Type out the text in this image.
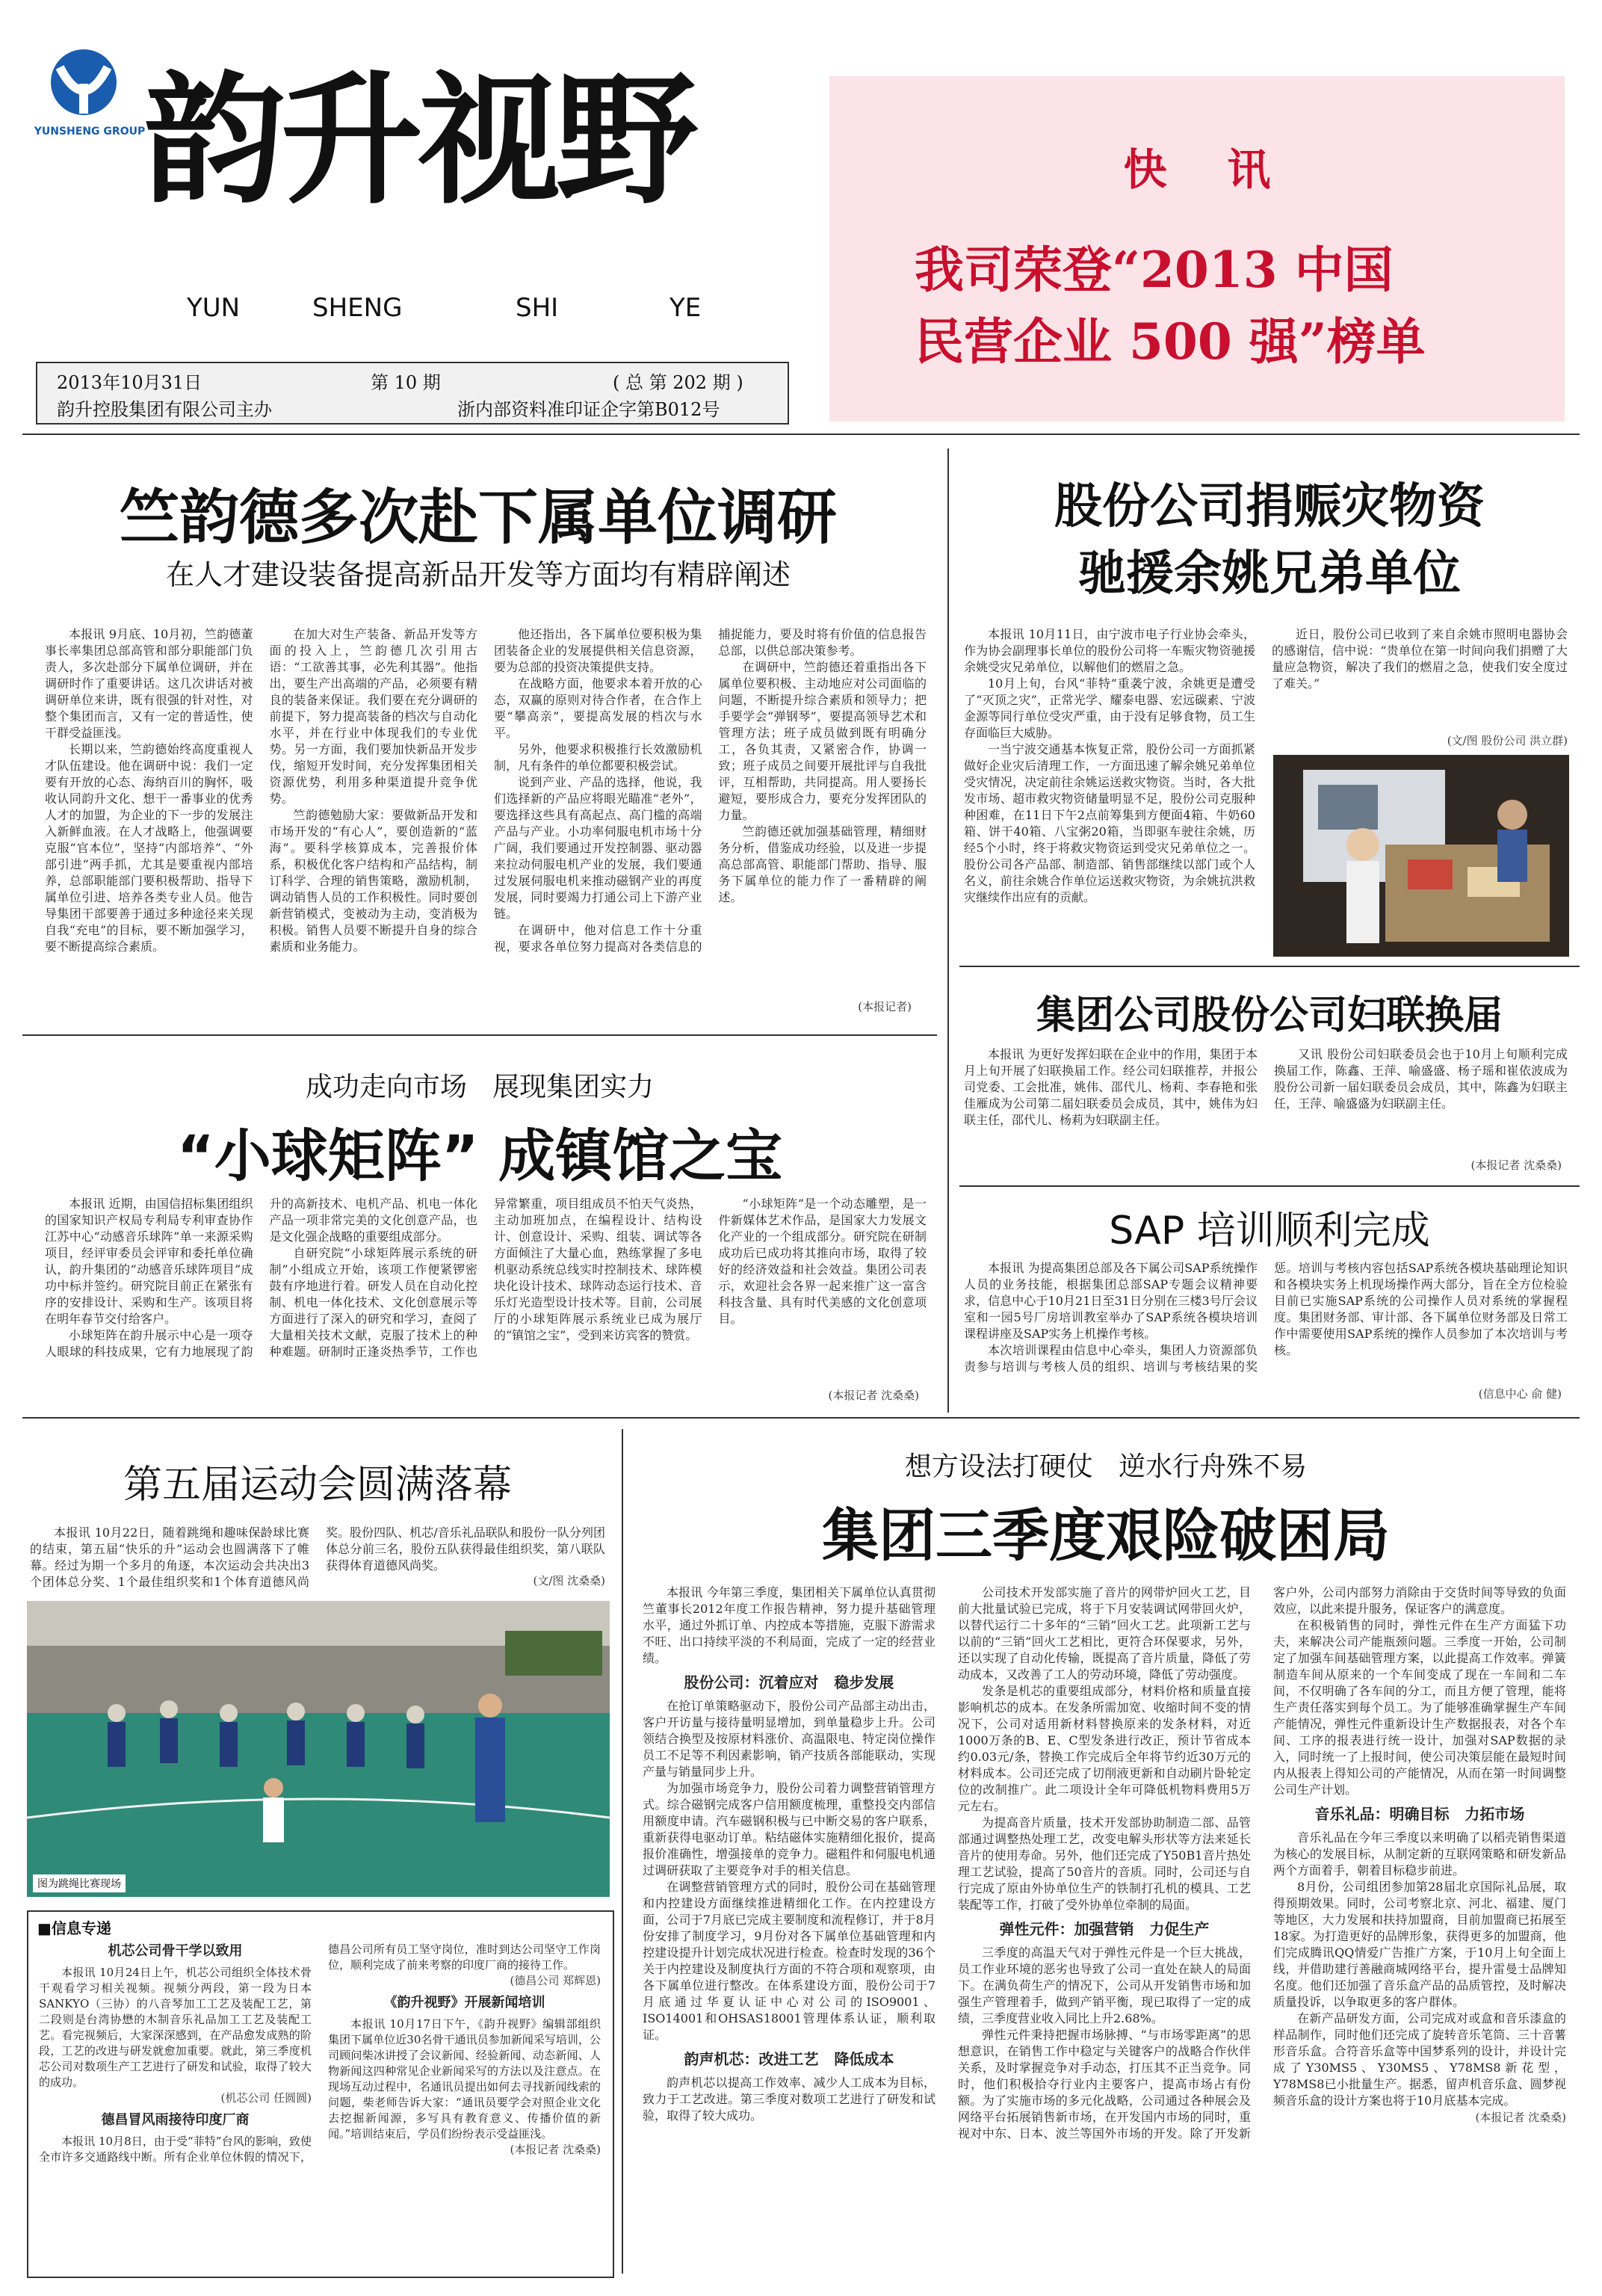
YUNSHENG GROUP
韵升视野
YUN	SHENG	SHI	YE
2013年10月31日	第 10 期	( 总 第 202 期 )
韵升控股集团有限公司主办	浙内部资料准印证企字第B012号
快    讯
我司荣登“2013 中国
民营企业 500 强”榜单
竺韵德多次赴下属单位调研
在人才建设装备提高新品开发等方面均有精辟阐述

本报讯 9月底、10月初，竺韵德董事长率集团总部高管和部分职能部门负责人，多次赴部分下属单位调研，并在调研时作了重要讲话。这几次讲话对被调研单位来讲，既有很强的针对性，对整个集团而言，又有一定的普适性，使干群受益匪浅。

长期以来，竺韵德始终高度重视人才队伍建设。他在调研中说：我们一定要有开放的心态、海纳百川的胸怀，吸收认同韵升文化、想干一番事业的优秀人才的加盟，为企业的下一步的发展注入新鲜血液。在人才战略上，他强调要克服“官本位”，坚持“内部培养”、“外部引进”两手抓，尤其是要重视内部培养，总部职能部门要积极帮助、指导下属单位引进、培养各类专业人员。他告导集团干部要善于通过多种途径来关现自我“充电”的目标，要不断加强学习，要不断提高综合素质。

在加大对生产装备、新品开发等方面的投入上，竺韵德几次引用古语：“工欲善其事，必先利其器”。他指出，要生产出高端的产品，必须要有精良的装备来保证。我们要在充分调研的前提下，努力提高装备的档次与自动化水平，并在行业中体现我们的专业优势。另一方面，我们要加快新品开发步伐，缩短开发时间，充分发挥集团相关资源优势，利用多种渠道提升竞争优势。

竺韵德勉励大家：要做新品开发和市场开发的“有心人”，要创造新的“蓝海”。要科学核算成本，完善报价体系，积极优化客户结构和产品结构，制订科学、合理的销售策略，激励机制，调动销售人员的工作积极性。同时要创新营销模式，变被动为主动，变消极为积极。销售人员要不断提升自身的综合素质和业务能力。

他还指出，各下属单位要积极为集团装备企业的发展提供相关信息资源，要为总部的投资决策提供支持。

在战略方面，他要求本着开放的心态，双赢的原则对待合作者，在合作上要“攀高亲”，要提高发展的档次与水平。

另外，他要求积极推行长效激励机制，凡有条件的单位都要积极尝试。

说到产业、产品的选择，他说，我们选择新的产品应将眼光瞄准“老外”，要选择这些具有高起点、高门槛的高端产品与产业。小功率伺服电机市场十分广阔，我们要通过开发控制器、驱动器来拉动伺服电机产业的发展，我们要通过发展伺服电机来推动磁钢产业的再度发展，同时要竭力打通公司上下游产业链。

在调研中，他对信息工作十分重视，要求各单位努力提高对各类信息的捕捉能力，要及时将有价值的信息报告总部，以供总部决策参考。

在调研中，竺韵德还着重指出各下属单位要积极、主动地应对公司面临的问题，不断提升综合素质和领导力；把手要学会“弹钢琴”，要提高领导艺术和管理方法；班子成员做到既有明确分工，各负其责，又紧密合作，协调一致；班子成员之间要开展批评与自我批评，互相帮助，共同提高。用人要扬长避短，要形成合力，要充分发挥团队的力量。

竺韵德还就加强基础管理，精细财务分析，借鉴成功经验，以及进一步提高总部高管、职能部门帮助、指导、服务下属单位的能力作了一番精辟的阐述。

(本报记者)
股份公司捐赈灾物资
驰援余姚兄弟单位

本报讯 10月11日，由宁波市电子行业协会牵头，作为协会副理事长单位的股份公司将一车赈灾物资驰援余姚受灾兄弟单位，以解他们的燃眉之急。

10月上旬，台风“菲特”重袭宁波，余姚更是遭受了“灭顶之灾”，正常光学、耀泰电器、宏远碳素、宁波金源等同行单位受灾严重，由于没有足够食物，员工生存面临巨大威胁。

一当宁波交通基本恢复正常，股份公司一方面抓紧做好企业灾后清理工作，一方面迅速了解余姚兄弟单位受灾情况，决定前往余姚运送救灾物资。当时，各大批发市场、超市救灾物资储量明显不足，股份公司克服种种困难，在11日下午2点前筹集到方便面4箱、牛奶60箱、饼干40箱、八宝粥20箱，当即驱车驶往余姚，历经5个小时，终于将救灾物资运到受灾兄弟单位之一。股份公司各产品部、制造部、销售部继续以部门或个人名义，前往余姚合作单位运送救灾物资，为余姚抗洪救灾继续作出应有的贡献。

近日，股份公司已收到了来自余姚市照明电器协会的感谢信，信中说：“贵单位在第一时间向我们捐赠了大量应急物资，解决了我们的燃眉之急，使我们安全度过了难关。”

(文/图 股份公司 洪立群)
成功走向市场   展现集团实力
“小球矩阵” 成镇馆之宝

本报讯 近期，由国信招标集团组织的国家知识产权局专利局专利审查协作江苏中心“动感音乐球阵”单一来源采购项目，经评审委员会评审和委托单位确认，韵升集团的“动感音乐球阵项目”成功中标并签约。研究院目前正在紧张有序的安排设计、采购和生产。该项目将在明年春节交付给客户。

小球矩阵在韵升展示中心是一项夺人眼球的科技成果，它有力地展现了韵升的高新技术、电机产品、机电一体化产品一项非常完美的文化创意产品，也是文化强企战略的重要组成部分。

自研究院“小球矩阵展示系统的研制”小组成立开始，该项工作便紧锣密鼓有序地进行着。研发人员在自动化控制、机电一体化技术、文化创意展示等方面进行了深入的研究和学习，查阅了大量相关技术文献，克服了技术上的种种难题。研制时正逢炎热季节，工作也异常繁重，项目组成员不怕天气炎热，主动加班加点，在编程设计、结构设计、创意设计、采购、组装、调试等各方面倾注了大量心血，熟练掌握了多电机驱动系统总线实时控制技术、球阵模块化设计技术、球阵动态运行技术、音乐灯光造型设计技术等。目前，公司展厅的小球矩阵展示系统业已成为展厅的“镇馆之宝”，受到来访宾客的赞赏。

“小球矩阵”是一个动态雕塑，是一件新媒体艺术作品，是国家大力发展文化产业的一个组成部分。研究院在研制成功后已成功将其推向市场，取得了较好的经济效益和社会效益。集团公司表示，欢迎社会各界一起来推广这一富含科技含量、具有时代美感的文化创意项目。

(本报记者 沈桑桑)
集团公司股份公司妇联换届

本报讯 为更好发挥妇联在企业中的作用，集团于本月上旬开展了妇联换届工作。经公司妇联推荐，并报公司党委、工会批准，姚伟、邵代儿、杨莉、李春艳和张佳雁成为公司第二届妇联委员会成员，其中，姚伟为妇联主任，邵代儿、杨莉为妇联副主任。

又讯 股份公司妇联委员会也于10月上旬顺利完成换届工作，陈鑫、王萍、喻盛盛、杨子瑶和崔依波成为股份公司新一届妇联委员会成员，其中，陈鑫为妇联主任，王萍、喻盛盛为妇联副主任。

(本报记者 沈桑桑)
SAP 培训顺利完成

本报讯 为提高集团总部及各下属公司SAP系统操作人员的业务技能，根据集团总部SAP专题会议精神要求，信息中心于10月21日至31日分别在三楼3号厅会议室和一园5号厂房培训教室举办了SAP系统各模块培训课程讲座及SAP实务上机操作考核。

本次培训课程由信息中心牵头，集团人力资源部负责参与培训与考核人员的组织、培训与考核结果的奖惩。培训与考核内容包括SAP系统各模块基础理论知识和各模块实务上机现场操作两大部分，旨在全方位检验目前已实施SAP系统的公司操作人员对系统的掌握程度。集团财务部、审计部、各下属单位财务部及日常工作中需要使用SAP系统的操作人员参加了本次培训与考核。

(信息中心 俞 健)
第五届运动会圆满落幕

本报讯 10月22日，随着跳绳和趣味保龄球比赛的结束，第五届“快乐的升”运动会也圆满落下了帷幕。经过为期一个多月的角逐，本次运动会共决出3个团体总分奖、1个最佳组织奖和1个体育道德风尚奖。股份四队、机芯/音乐礼品联队和股份一队分列团体总分前三名，股份五队获得最佳组织奖，第八联队获得体育道德风尚奖。

(文/图 沈桑桑)
图为跳绳比赛现场
■信息专递
机芯公司骨干学以致用

本报讯 10月24日上午，机芯公司组织全体技术骨干观看学习相关视频。视频分两段，第一段为日本SANKYO（三协）的八音琴加工工艺及装配工艺，第二段则是台湾协懋的木制音乐礼品加工工艺及装配工艺。看完视频后，大家深深感到，在产品愈发成熟的阶段，工艺的改进与研发就愈加重要。就此，第三季度机芯公司对数项生产工艺进行了研发和试验，取得了较大的成功。

(机芯公司 任圆圆)
德昌冒风雨接待印度厂商

本报讯 10月8日，由于受“菲特”台风的影响，致使全市许多交通路线中断。所有企业单位休假的情况下，德昌公司所有员工坚守岗位，准时到达公司坚守工作岗位，顺利完成了前来考察的印度厂商的接待工作。

(德昌公司 郑辉恩)
《韵升视野》开展新闻培训

本报讯 10月17日下午，《韵升视野》编辑部组织集团下属单位近30名骨干通讯员参加新闻采写培训，公司顾问柴冰讲授了会议新闻、经验新闻、动态新闻、人物新闻这四种常见企业新闻采写的方法以及注意点。在现场互动过程中，名通讯员提出如何去寻找新闻线索的问题，柴老师告诉大家：“通讯员要学会对照企业文化去挖掘新闻源，多写具有教育意义、传播价值的新闻。”培训结束后，学员们纷纷表示受益匪浅。

(本报记者 沈桑桑)
想方设法打硬仗   逆水行舟殊不易
集团三季度艰险破困局

本报讯 今年第三季度，集团相关下属单位认真贯彻竺董事长2012年度工作报告精神，努力提升基础管理水平，通过外抓订单、内控成本等措施，克服下游需求不旺、出口持续平淡的不利局面，完成了一定的经营业绩。

股份公司：沉着应对   稳步发展

在抢订单策略驱动下，股份公司产品部主动出击，客户开访量与接待量明显增加，到单量稳步上升。公司领结合换型及按原材料涨价、高温限电、特定岗位操作员工不足等不利因素影响，销产技质各部能联动，实现产量与销量同步上升。

为加强市场竞争力，股份公司着力调整营销管理方式。综合磁钢完成客户信用额度梳理，重整投交内部信用额度申请。汽车磁钢积极与已中断交易的客户联系，重新获得电驱动订单。粘结磁体实施精细化报价，提高报价准确性，增强接单的竞争力。磁粗件和伺服电机通过调研获取了主要竞争对手的相关信息。

在调整营销管理方式的同时，股份公司在基础管理和内控建设方面继续推进精细化工作。在内控建设方面，公司于7月底已完成主要制度和流程修订，并于8月份安排了制度学习，9月份对各下属单位基础管理和内控建设提升计划完成状况进行检查。检查时发现的36个关于内控建设及制度执行方面的不符合项和观察项，由各下属单位进行整改。在体系建设方面，股份公司于7月底通过华夏认证中心对公司的ISO9001、ISO14001和OHSAS18001管理体系认证，顺利取证。

韵声机芯：改进工艺   降低成本

韵声机芯以提高工作效率、减少人工成本为目标，致力于工艺改进。第三季度对数项工艺进行了研发和试验，取得了较大成功。

公司技术开发部实施了音片的网带炉回火工艺，目前大批量试验已完成，将于下月安装调试网带回火炉，以替代运行二十多年的“三销”回火工艺。此项新工艺与以前的“三销”回火工艺相比，更符合环保要求，另外，还以实现了自动化传输，既提高了音片质量，降低了劳动成本，又改善了工人的劳动环境，降低了劳动强度。

发条是机芯的重要组成部分，材料价格和质量直接影响机芯的成本。在发条所需加宽、收缩时间不变的情况下，公司对适用新材料替换原来的发条材料，对近1000万条的B、E、C型发条进行改正，预计节省成本约0.03元/条，替换工作完成后全年将节约近30万元的材料成本。公司还完成了切削液更新和自动刷片卧轮定位的改制推广。此二项设计全年可降低机物料费用5万元左右。

为提高音片质量，技术开发部协助制造二部、品管部通过调整热处理工艺，改变电解头形状等方法来延长音片的使用寿命。另外，他们还完成了Y50B1音片热处理工艺试验，提高了50音片的音质。同时，公司还与自行完成了原由外协单位生产的铁制打孔机的模具、工艺装配等工作，打破了受外协单位牵制的局面。

弹性元件：加强营销   力促生产

三季度的高温天气对于弹性元件是一个巨大挑战，员工作业环境的恶劣也导致了公司一直处在缺人的局面下。在满负荷生产的情况下，公司从开发销售市场和加强生产管理着手，做到产销平衡，现已取得了一定的成绩，三季度营业收入同比上升2.68%。

弹性元件秉持把握市场脉搏、“与市场零距离”的思想意识，在销售工作中稳定与关键客户的战略合作伙伴关系，及时掌握竞争对手动态，打压其不正当竞争。同时，他们积极拾夺行业内主要客户，提高市场占有份额。为了实施市场的多元化战略，公司通过各种展会及网络平台拓展销售新市场，在开发国内市场的同时，重视对中东、日本、波兰等国外市场的开发。除了开发新客户外，公司内部努力消除由于交货时间等导致的负面效应，以此来提升服务，保证客户的满意度。

在积极销售的同时，弹性元件在生产方面猛下功夫，来解决公司产能瓶颈问题。三季度一开始，公司制定了加强车间基础管理方案，以此提高工作效率。弹簧制造车间从原来的一个车间变成了现在一车间和二车间，不仅明确了各车间的分工，而且方便了管理，能将生产责任落实到每个员工。为了能够准确掌握生产车间产能情况，弹性元件重新设计生产数据报表，对各个车间、工序的报表进行统一设计，加强对SAP数据的录入，同时统一了上报时间，使公司决策层能在最短时间内从报表上得知公司的产能情况，从而在第一时间调整公司生产计划。

音乐礼品：明确目标   力拓市场

音乐礼品在今年三季度以来明确了以稻壳销售渠道为核心的发展目标，从制定新的互联网策略和研发新品两个方面着手，朝着目标稳步前进。

8月份，公司组团参加第28届北京国际礼品展，取得预期效果。同时，公司考察北京、河北、福建、厦门等地区，大力发展和扶持加盟商，目前加盟商已拓展至18家。为打造更好的品牌形象，获得更多的加盟商，他们完成腾讯QQ情爱广告推广方案，于10月上旬全面上线，并借助建行善融商城网络平台，提升雷曼士品牌知名度。他们还加强了音乐盒产品的品质管控，及时解决质量投诉，以争取更多的客户群体。

在新产品研发方面，公司完成对或盒和音乐漆盒的样品制作，同时他们还完成了旋转音乐笔筒、三十音薯形音乐盒。合符音乐盒等中国梦系列的设计，并设计完成了Y30MS5、Y30MS5、Y78MS8新花型，Y78MS8已小批量生产。据悉，留声机音乐盒、圆梦视频音乐盒的设计方案也将于10月底基本完成。

(本报记者 沈桑桑)
